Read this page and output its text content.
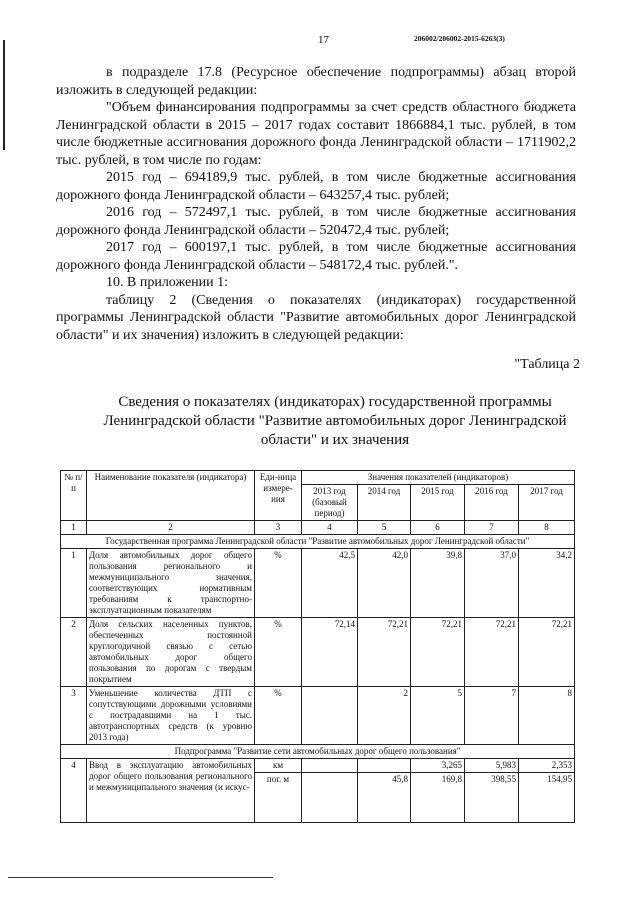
17	206002/206002-2015-6263(3)

в подразделе 17.8 (Ресурсное обеспечение подпрограммы) абзац второй изложить в следующей редакции:

"Объем финансирования подпрограммы за счет средств областного бюджета Ленинградской области в 2015 – 2017 годах составит 1866884,1 тыс. рублей, в том числе бюджетные ассигнования дорожного фонда Ленинградской области – 1711902,2 тыс. рублей, в том числе по годам:

2015 год – 694189,9 тыс. рублей, в том числе бюджетные ассигнования дорожного фонда Ленинградской области – 643257,4 тыс. рублей;

2016 год – 572497,1 тыс. рублей, в том числе бюджетные ассигнования дорожного фонда Ленинградской области – 520472,4 тыс. рублей;

2017 год – 600197,1 тыс. рублей, в том числе бюджетные ассигнования дорожного фонда Ленинградской области – 548172,4 тыс. рублей.".

10. В приложении 1:

таблицу 2 (Сведения о показателях (индикаторах) государственной программы Ленинградской области "Развитие автомобильных дорог Ленинградской области" и их значения) изложить в следующей редакции:

"Таблица 2
Сведения о показателях (индикаторах) государственной программы Ленинградской области "Развитие автомобильных дорог Ленинградской области" и их значения
№ п/п	Наименование показателя (индикатора)	Еди-ница измере-ния	Значения показателей (индикаторов)				
			2013 год (базовый период)	2014 год	2015 год	2016 год	2017 год
1	2	3	4	5	6	7	8
Государственная программа Ленинградской области "Развитие автомобильных дорог Ленинградской области"							
1	Доля автомобильных дорог общего пользования регионального и межмуниципального значения, соответствующих нормативным требованиям к транспортно-эксплуатационным показателям	%	42,5	42,0	39,8	37,0	34,2
2	Доля сельских населенных пунктов, обеспеченных постоянной круглогодичной связью с сетью автомобильных дорог общего пользования по дорогам с твердым покрытием	%	72,14	72,21	72,21	72,21	72,21
3	Уменьшение количества ДТП с сопутствующими дорожными условиями с пострадавшими на 1 тыс. автотранспортных средств (к уровню 2013 года)	%		2	5	7	8
Подпрограмма "Развитие сети автомобильных дорог общего пользования"							
4	Ввод в эксплуатацию автомобильных дорог общего пользования регионального и межмуниципального значения (и искус-	км			3,265	5,983	2,353
		пог. м		45,8	169,8	398,55	154,95
